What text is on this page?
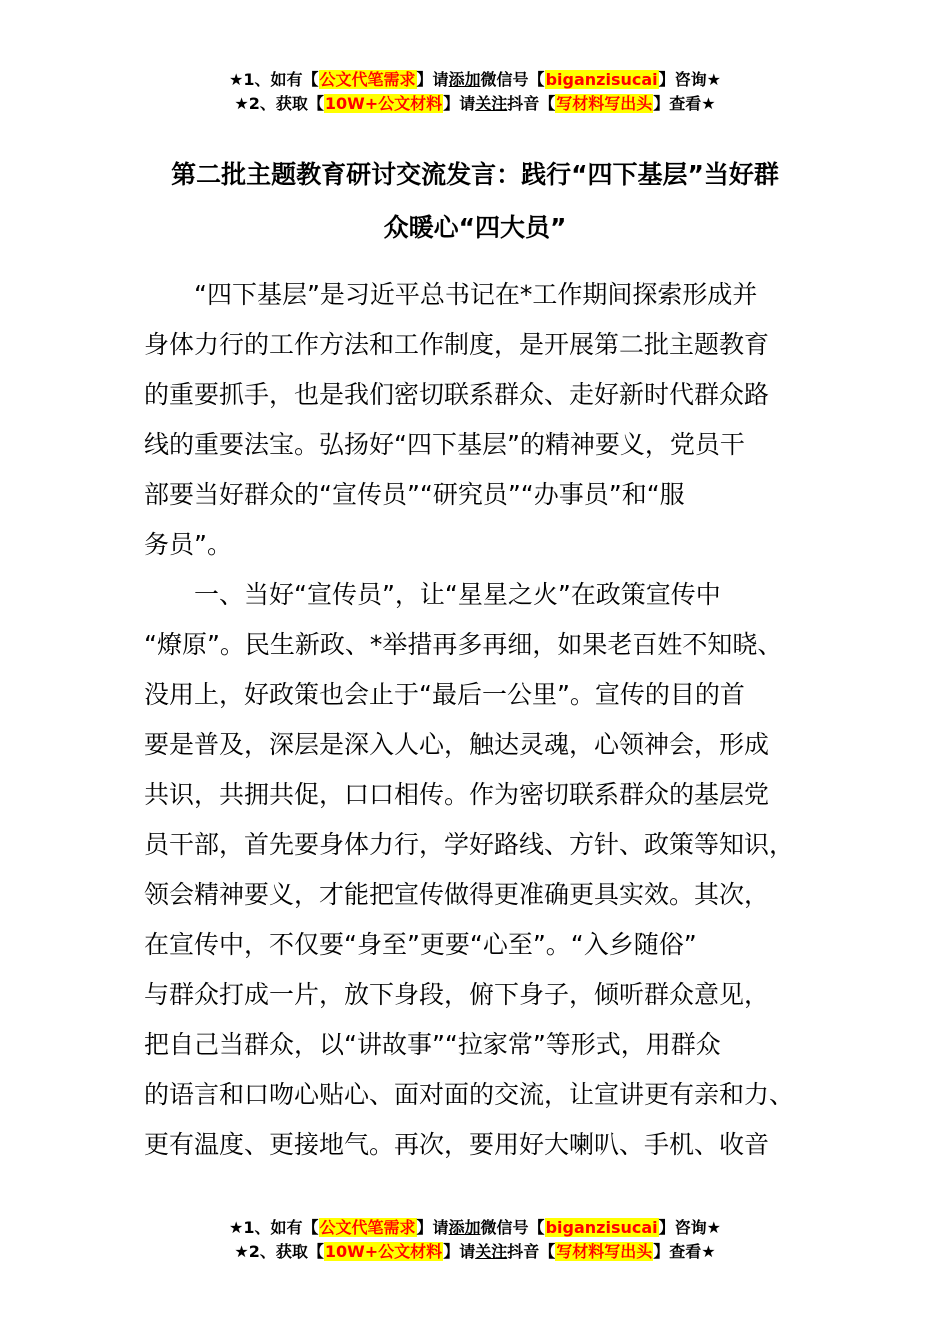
★1、如有【公文代笔需求】请添加微信号【biganzisucai】咨询★
★2、获取【10W+公文材料】请关注抖音【写材料写出头】查看★
第二批主题教育研讨交流发言：践行“四下基层”当好群
众暖心“四大员”
“四下基层”是习近平总书记在*工作期间探索形成并
身体力行的工作方法和工作制度，是开展第二批主题教育
的重要抓手，也是我们密切联系群众、走好新时代群众路
线的重要法宝。弘扬好“四下基层”的精神要义，党员干
部要当好群众的“宣传员”“研究员”“办事员”和“服
务员”。
一、当好“宣传员”，让“星星之火”在政策宣传中
“燎原”。民生新政、*举措再多再细，如果老百姓不知晓、
没用上，好政策也会止于“最后一公里”。宣传的目的首
要是普及，深层是深入人心，触达灵魂，心领神会，形成
共识，共拥共促，口口相传。作为密切联系群众的基层党
员干部，首先要身体力行，学好路线、方针、政策等知识，
领会精神要义，才能把宣传做得更准确更具实效。其次，
在宣传中，不仅要“身至”更要“心至”。“入乡随俗”
与群众打成一片，放下身段，俯下身子，倾听群众意见，
把自己当群众，以“讲故事”“拉家常”等形式，用群众
的语言和口吻心贴心、面对面的交流，让宣讲更有亲和力、
更有温度、更接地气。再次，要用好大喇叭、手机、收音
★1、如有【公文代笔需求】请添加微信号【biganzisucai】咨询★
★2、获取【10W+公文材料】请关注抖音【写材料写出头】查看★
